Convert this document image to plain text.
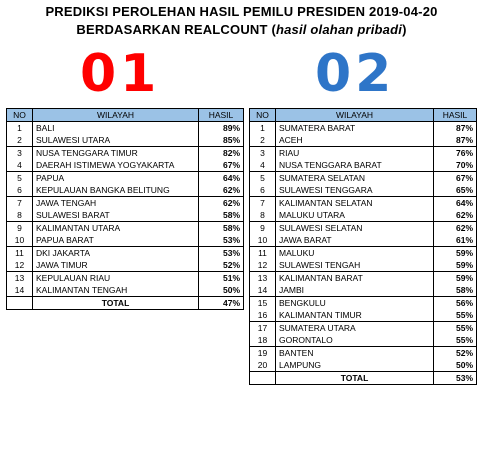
PREDIKSI PEROLEHAN HASIL PEMILU PRESIDEN 2019-04-20
BERDASARKAN REALCOUNT (hasil olahan pribadi)
01	02
NO	WILAYAH	HASIL
1	BALI	89%
2	SULAWESI UTARA	85%
3	NUSA TENGGARA TIMUR	82%
4	DAERAH ISTIMEWA YOGYAKARTA	67%
5	PAPUA	64%
6	KEPULAUAN BANGKA BELITUNG	62%
7	JAWA TENGAH	62%
8	SULAWESI BARAT	58%
9	KALIMANTAN UTARA	58%
10	PAPUA BARAT	53%
11	DKI JAKARTA	53%
12	JAWA TIMUR	52%
13	KEPULAUAN RIAU	51%
14	KALIMANTAN TENGAH	50%
	TOTAL	47%
NO	WILAYAH	HASIL
1	SUMATERA BARAT	87%
2	ACEH	87%
3	RIAU	76%
4	NUSA TENGGARA BARAT	70%
5	SUMATERA SELATAN	67%
6	SULAWESI TENGGARA	65%
7	KALIMANTAN SELATAN	64%
8	MALUKU UTARA	62%
9	SULAWESI SELATAN	62%
10	JAWA BARAT	61%
11	MALUKU	59%
12	SULAWESI TENGAH	59%
13	KALIMANTAN BARAT	59%
14	JAMBI	58%
15	BENGKULU	56%
16	KALIMANTAN TIMUR	55%
17	SUMATERA UTARA	55%
18	GORONTALO	55%
19	BANTEN	52%
20	LAMPUNG	50%
	TOTAL	53%
